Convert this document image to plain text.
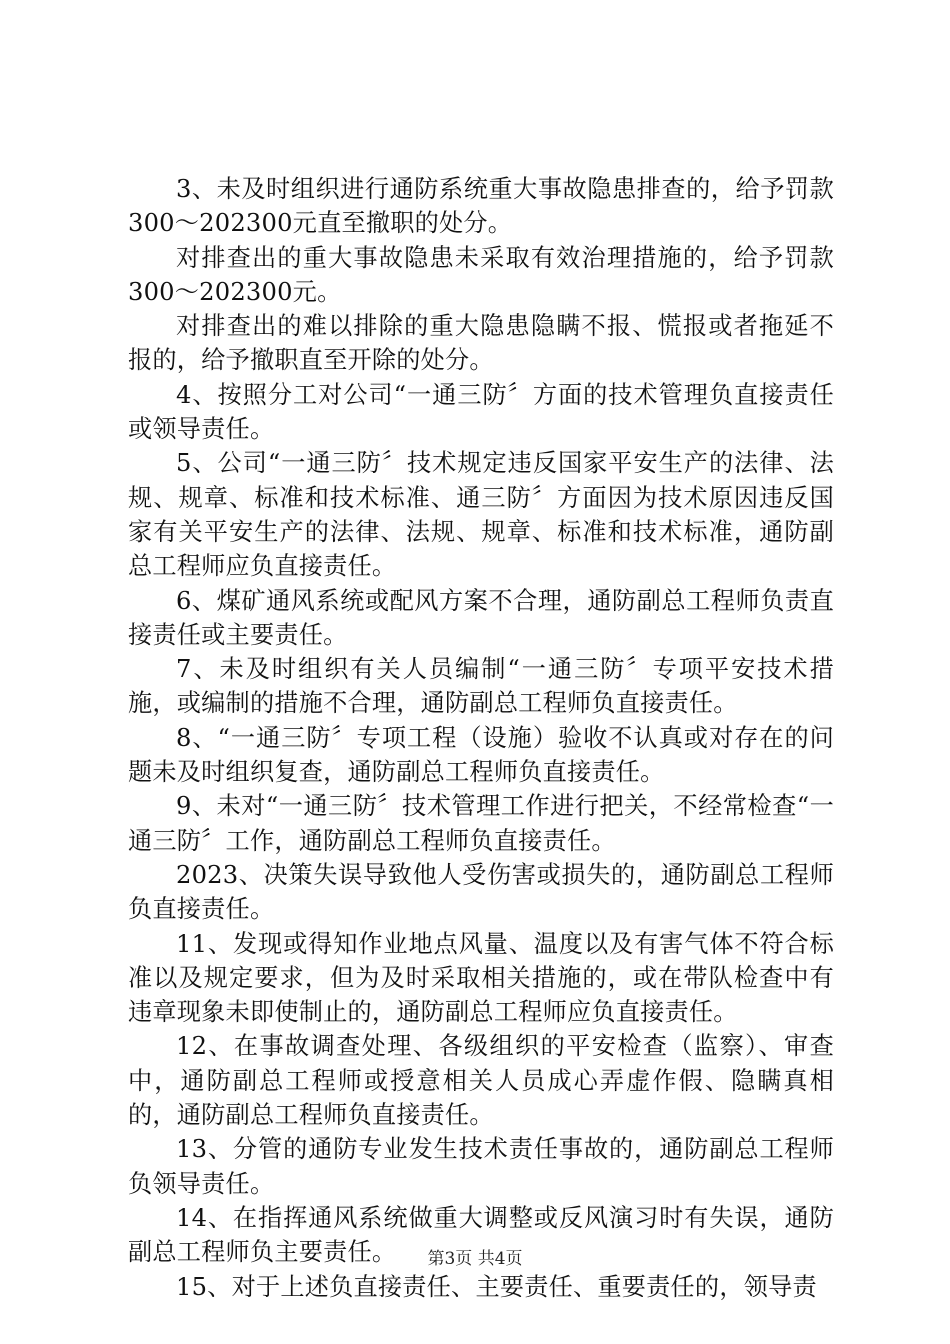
3、未及时组织进行通防系统重大事故隐患排查的，给予罚款300～202300元直至撤职的处分。

对排查出的重大事故隐患未采取有效治理措施的，给予罚款300～202300元。

对排查出的难以排除的重大隐患隐瞒不报、慌报或者拖延不报的，给予撤职直至开除的处分。

4、按照分工对公司“一通三防〞方面的技术管理负直接责任或领导责任。

5、公司“一通三防〞技术规定违反国家平安生产的法律、法规、规章、标准和技术标准、通三防〞方面因为技术原因违反国家有关平安生产的法律、法规、规章、标准和技术标准，通防副总工程师应负直接责任。

6、煤矿通风系统或配风方案不合理，通防副总工程师负责直接责任或主要责任。

7、未及时组织有关人员编制“一通三防〞专项平安技术措施，或编制的措施不合理，通防副总工程师负直接责任。

8、“一通三防〞专项工程（设施）验收不认真或对存在的问题未及时组织复查，通防副总工程师负直接责任。

9、未对“一通三防〞技术管理工作进行把关，不经常检查“一通三防〞工作，通防副总工程师负直接责任。

2023、决策失误导致他人受伤害或损失的，通防副总工程师负直接责任。

11、发现或得知作业地点风量、温度以及有害气体不符合标准以及规定要求，但为及时采取相关措施的，或在带队检查中有违章现象未即使制止的，通防副总工程师应负直接责任。

12、在事故调查处理、各级组织的平安检查（监察）、审查中，通防副总工程师或授意相关人员成心弄虚作假、隐瞒真相的，通防副总工程师负直接责任。

13、分管的通防专业发生技术责任事故的，通防副总工程师负领导责任。

14、在指挥通风系统做重大调整或反风演习时有失误，通防副总工程师负主要责任。

15、对于上述负直接责任、主要责任、重要责任的，领导责

第3页 共4页
